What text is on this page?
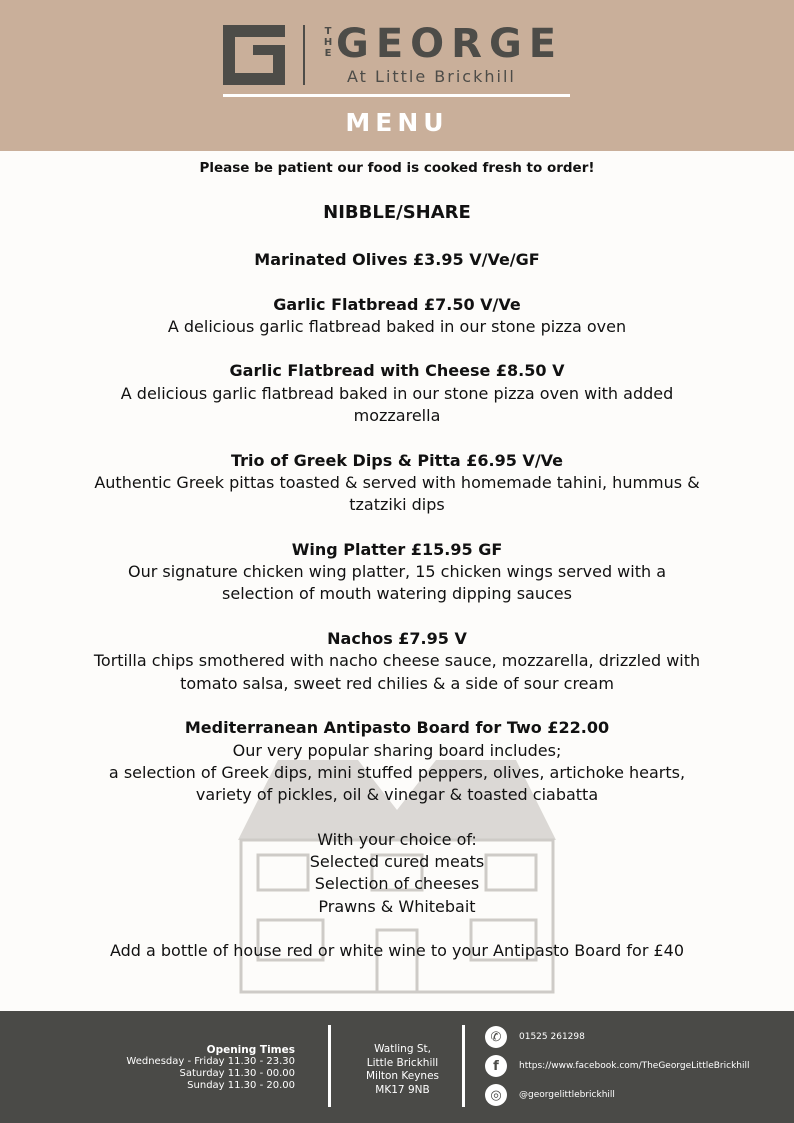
T
H
E GEORGE
At Little Brickhill
MENU
Please be patient our food is cooked fresh to order!
NIBBLE/SHARE
Marinated Olives £3.95 V/Ve/GF
Garlic Flatbread £7.50 V/Ve
A delicious garlic flatbread baked in our stone pizza oven
Garlic Flatbread with Cheese £8.50 V
A delicious garlic flatbread baked in our stone pizza oven with added
mozzarella
Trio of Greek Dips & Pitta £6.95 V/Ve
Authentic Greek pittas toasted & served with homemade tahini, hummus &
tzatziki dips
Wing Platter £15.95 GF
Our signature chicken wing platter, 15 chicken wings served with a
selection of mouth watering dipping sauces
Nachos £7.95 V
Tortilla chips smothered with nacho cheese sauce, mozzarella, drizzled with
tomato salsa, sweet red chilies & a side of sour cream
Mediterranean Antipasto Board for Two £22.00
Our very popular sharing board includes;
a selection of Greek dips, mini stuffed peppers, olives, artichoke hearts,
variety of pickles, oil & vinegar & toasted ciabatta
With your choice of:
Selected cured meats
Selection of cheeses
Prawns & Whitebait
Add a bottle of house red or white wine to your Antipasto Board for £40
Opening Times
Wednesday - Friday 11.30 - 23.30
Saturday 11.30 - 00.00
Sunday 11.30 - 20.00
Watling St,
Little Brickhill
Milton Keynes
MK17 9NB
✆	01525 261298
f	https://www.facebook.com/TheGeorgeLittleBrickhill
◎	@georgelittlebrickhill
